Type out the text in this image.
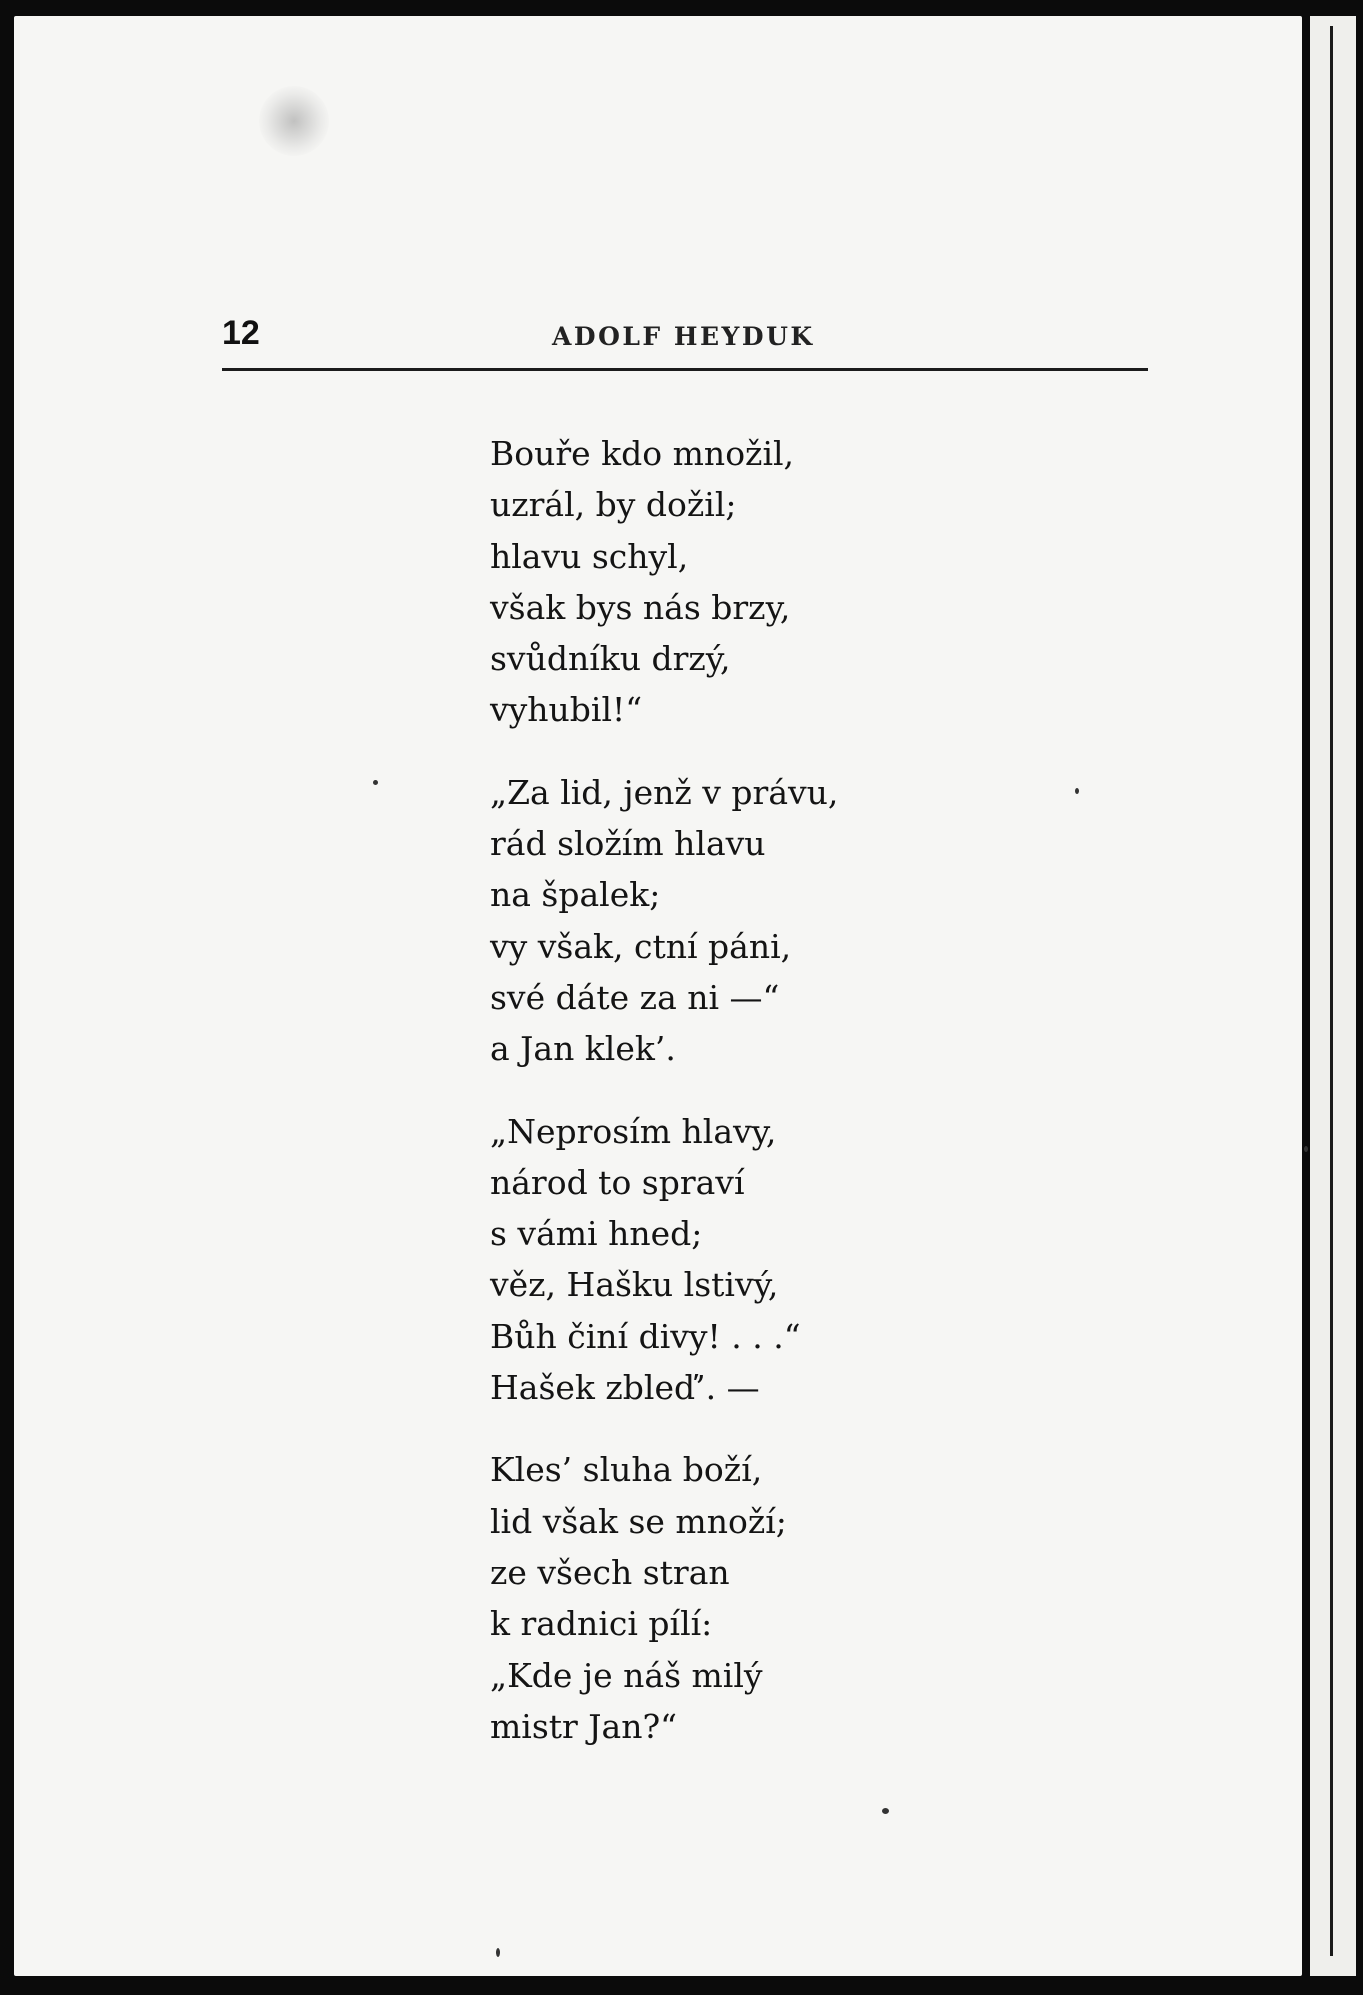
12	ADOLF HEYDUK
Bouře kdo množil,
uzrál, by dožil;
hlavu schyl,
však bys nás brzy,
svůdníku drzý,
vyhubil!“
„Za lid, jenž v právu,
rád složím hlavu
na špalek;
vy však, ctní páni,
své dáte za ni —“
a Jan klek’.
„Neprosím hlavy,
národ to spraví
s vámi hned;
věz, Hašku lstivý,
Bůh činí divy! . . .“
Hašek zbleď’. —
Kles’ sluha boží,
lid však se množí;
ze všech stran
k radnici pílí:
„Kde je náš milý
mistr Jan?“
